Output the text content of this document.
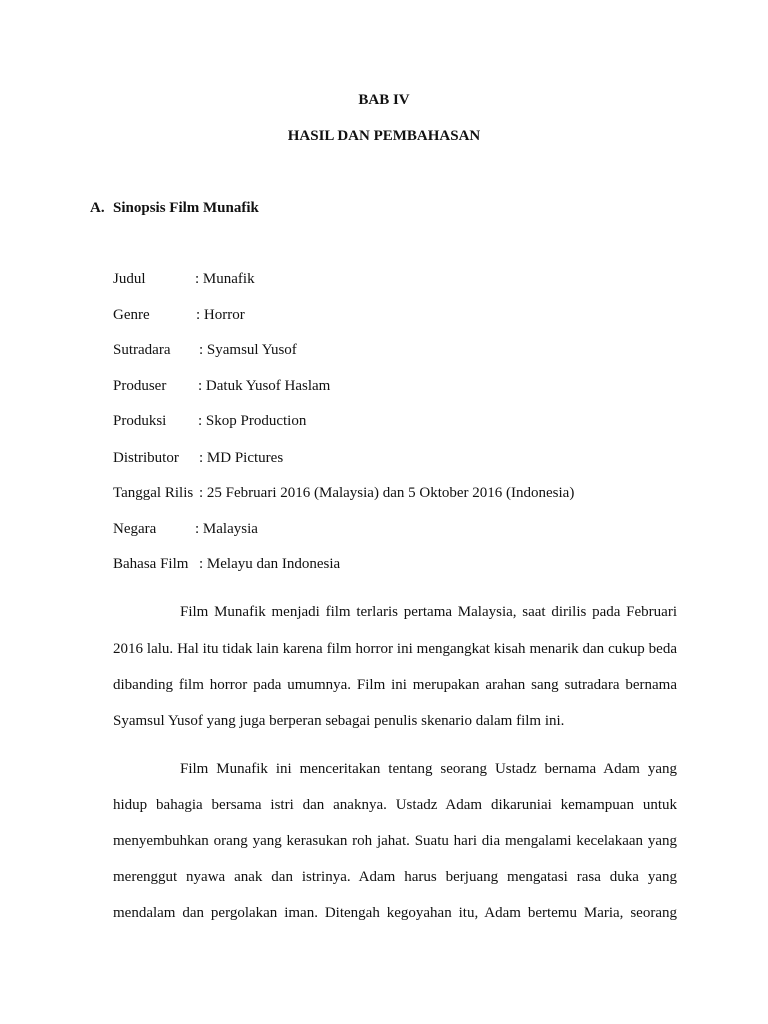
BAB IV
HASIL DAN PEMBAHASAN
A. Sinopsis Film Munafik
Judul	: Munafik
Genre	: Horror
Sutradara : Syamsul Yusof
Produser : Datuk Yusof Haslam
Produksi : Skop Production
Distributor : MD Pictures
Tanggal Rilis : 25 Februari 2016 (Malaysia) dan 5 Oktober 2016 (Indonesia)
Negara	: Malaysia
Bahasa Film : Melayu dan Indonesia
Film Munafik menjadi film terlaris pertama Malaysia, saat dirilis pada Februari
2016 lalu. Hal itu tidak lain karena film horror ini mengangkat kisah menarik dan cukup beda
dibanding film horror pada umumnya. Film ini merupakan arahan sang sutradara bernama
Syamsul Yusof yang juga berperan sebagai penulis skenario dalam film ini.
Film Munafik ini menceritakan tentang seorang Ustadz bernama Adam yang
hidup bahagia bersama istri dan anaknya. Ustadz Adam dikaruniai kemampuan untuk
menyembuhkan orang yang kerasukan roh jahat. Suatu hari dia mengalami kecelakaan yang
merenggut nyawa anak dan istrinya. Adam harus berjuang mengatasi rasa duka yang
mendalam dan pergolakan iman. Ditengah kegoyahan itu, Adam bertemu Maria, seorang
